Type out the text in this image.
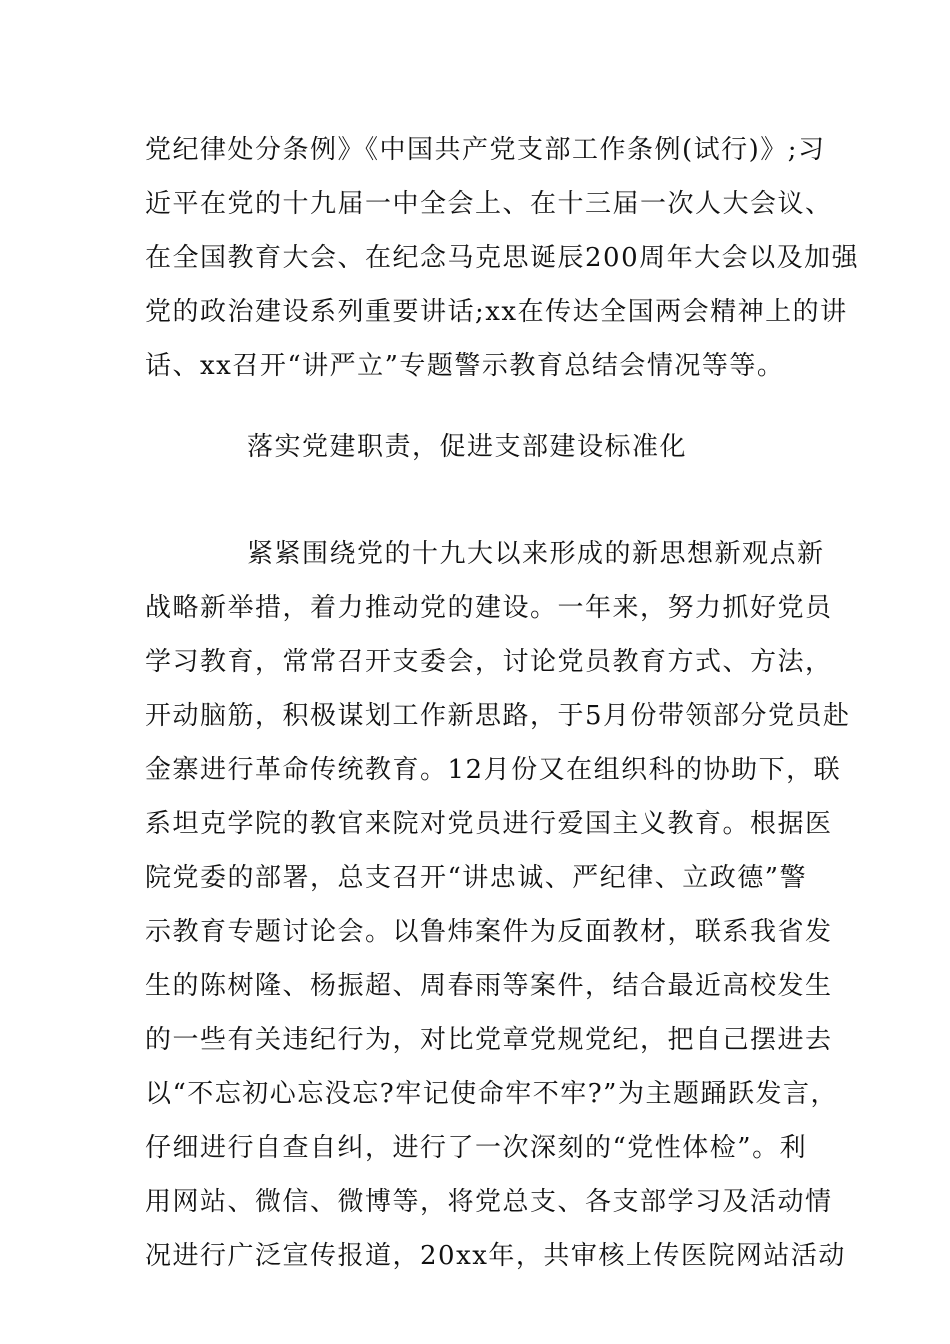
党纪律处分条例》《中国共产党支部工作条例(试行)》;习
近平在党的十九届一中全会上、在十三届一次人大会议、
在全国教育大会、在纪念马克思诞辰200周年大会以及加强
党的政治建设系列重要讲话;xx在传达全国两会精神上的讲
话、xx召开“讲严立”专题警示教育总结会情况等等。
落实党建职责，促进支部建设标准化
紧紧围绕党的十九大以来形成的新思想新观点新
战略新举措，着力推动党的建设。一年来，努力抓好党员
学习教育，常常召开支委会，讨论党员教育方式、方法，
开动脑筋，积极谋划工作新思路，于5月份带领部分党员赴
金寨进行革命传统教育。12月份又在组织科的协助下，联
系坦克学院的教官来院对党员进行爱国主义教育。根据医
院党委的部署，总支召开“讲忠诚、严纪律、立政德”警
示教育专题讨论会。以鲁炜案件为反面教材，联系我省发
生的陈树隆、杨振超、周春雨等案件，结合最近高校发生
的一些有关违纪行为，对比党章党规党纪，把自己摆进去
以“不忘初心忘没忘?牢记使命牢不牢?”为主题踊跃发言，
仔细进行自查自纠，进行了一次深刻的“党性体检”。利
用网站、微信、微博等，将党总支、各支部学习及活动情
况进行广泛宣传报道，20xx年，共审核上传医院网站活动
